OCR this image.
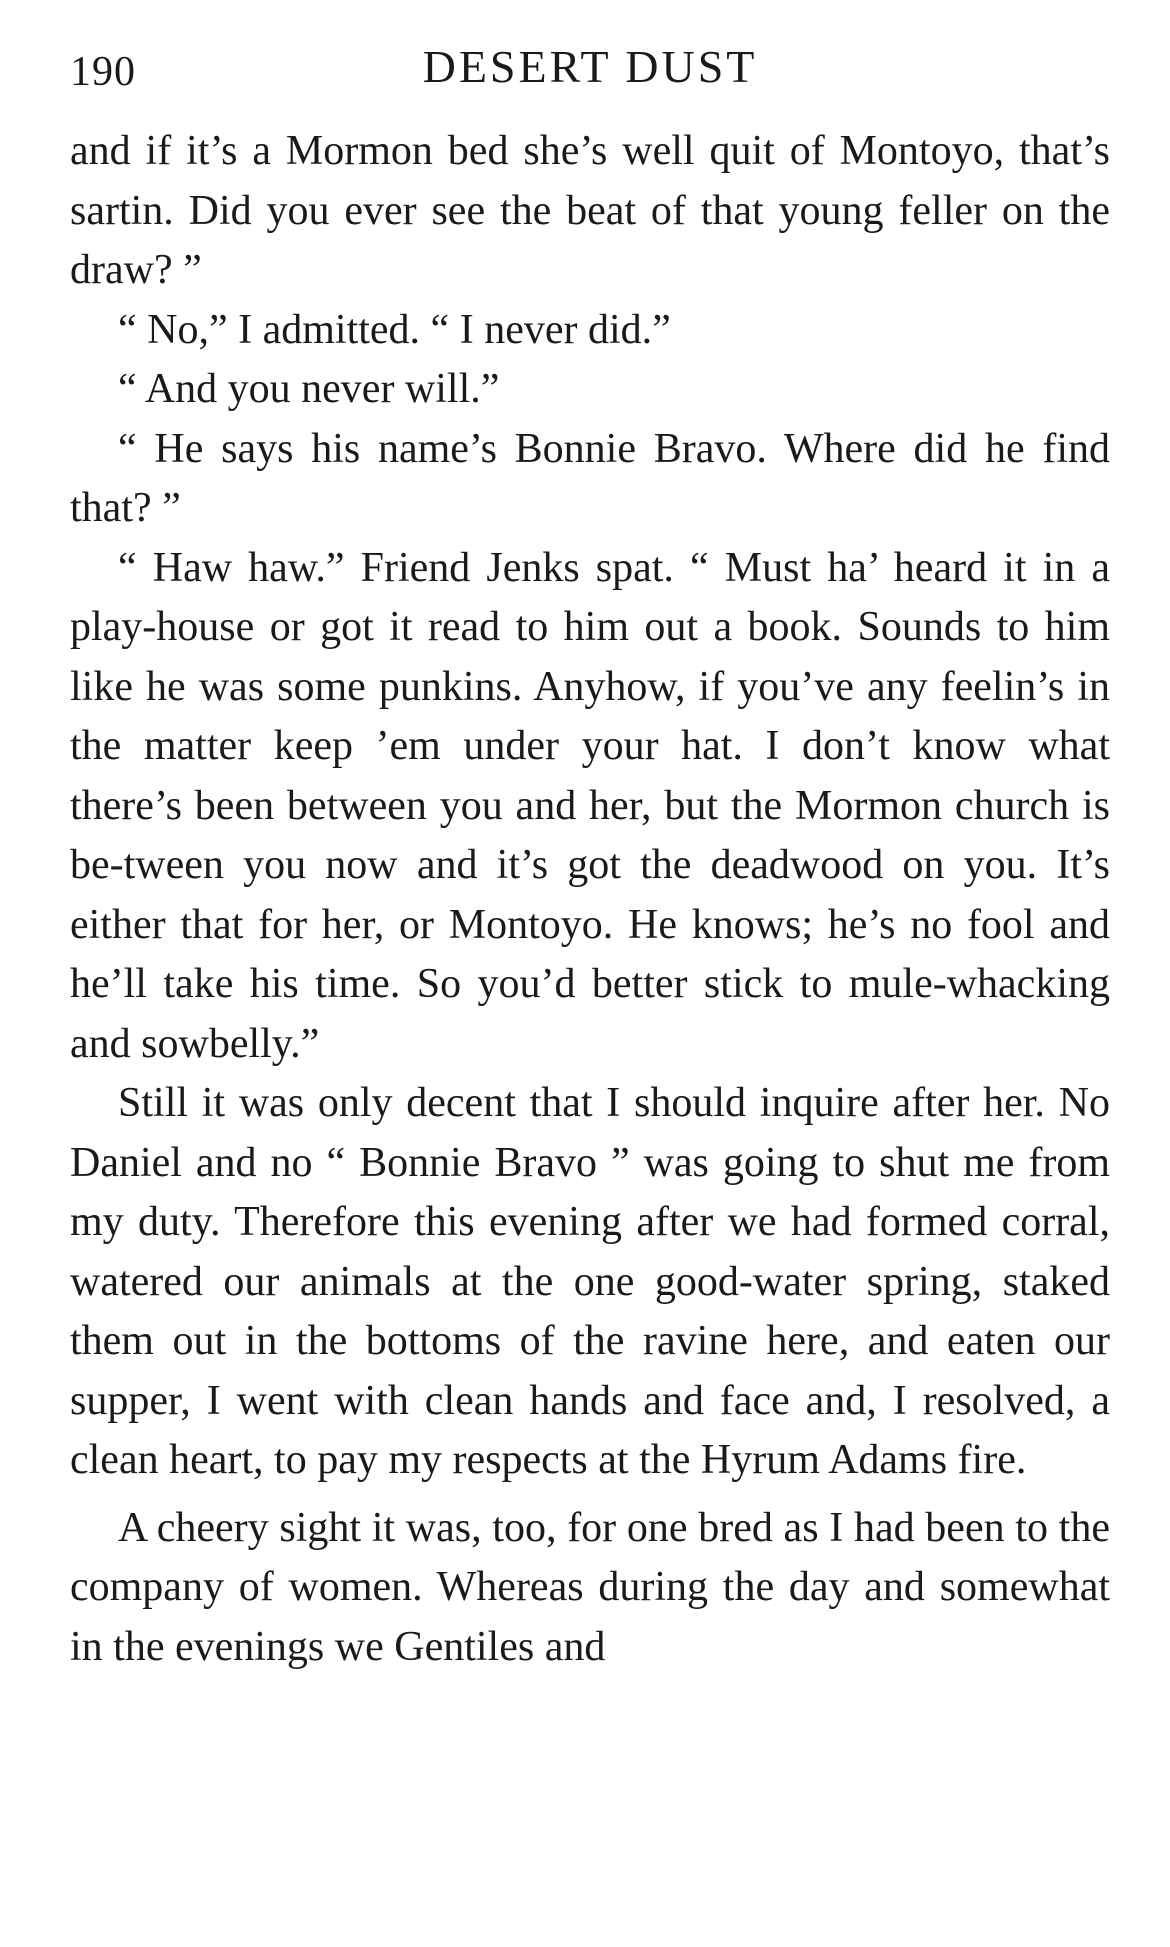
190	DESERT DUST

and if it’s a Mormon bed she’s well quit of Montoyo, that’s sartin. Did you ever see the beat of that young feller on the draw? ”

“ No,” I admitted. “ I never did.”

“ And you never will.”

“ He says his name’s Bonnie Bravo. Where did he find that? ”

“ Haw haw.” Friend Jenks spat. “ Must ha’ heard it in a play-house or got it read to him out a book. Sounds to him like he was some punkins. Anyhow, if you’ve any feelin’s in the matter keep ’em under your hat. I don’t know what there’s been between you and her, but the Mormon church is be-tween you now and it’s got the deadwood on you. It’s either that for her, or Montoyo. He knows; he’s no fool and he’ll take his time. So you’d better stick to mule-whacking and sowbelly.”

Still it was only decent that I should inquire after her. No Daniel and no “ Bonnie Bravo ” was going to shut me from my duty. Therefore this evening after we had formed corral, watered our animals at the one good-water spring, staked them out in the bottoms of the ravine here, and eaten our supper, I went with clean hands and face and, I resolved, a clean heart, to pay my respects at the Hyrum Adams fire.

A cheery sight it was, too, for one bred as I had been to the company of women. Whereas during the day and somewhat in the evenings we Gentiles and
